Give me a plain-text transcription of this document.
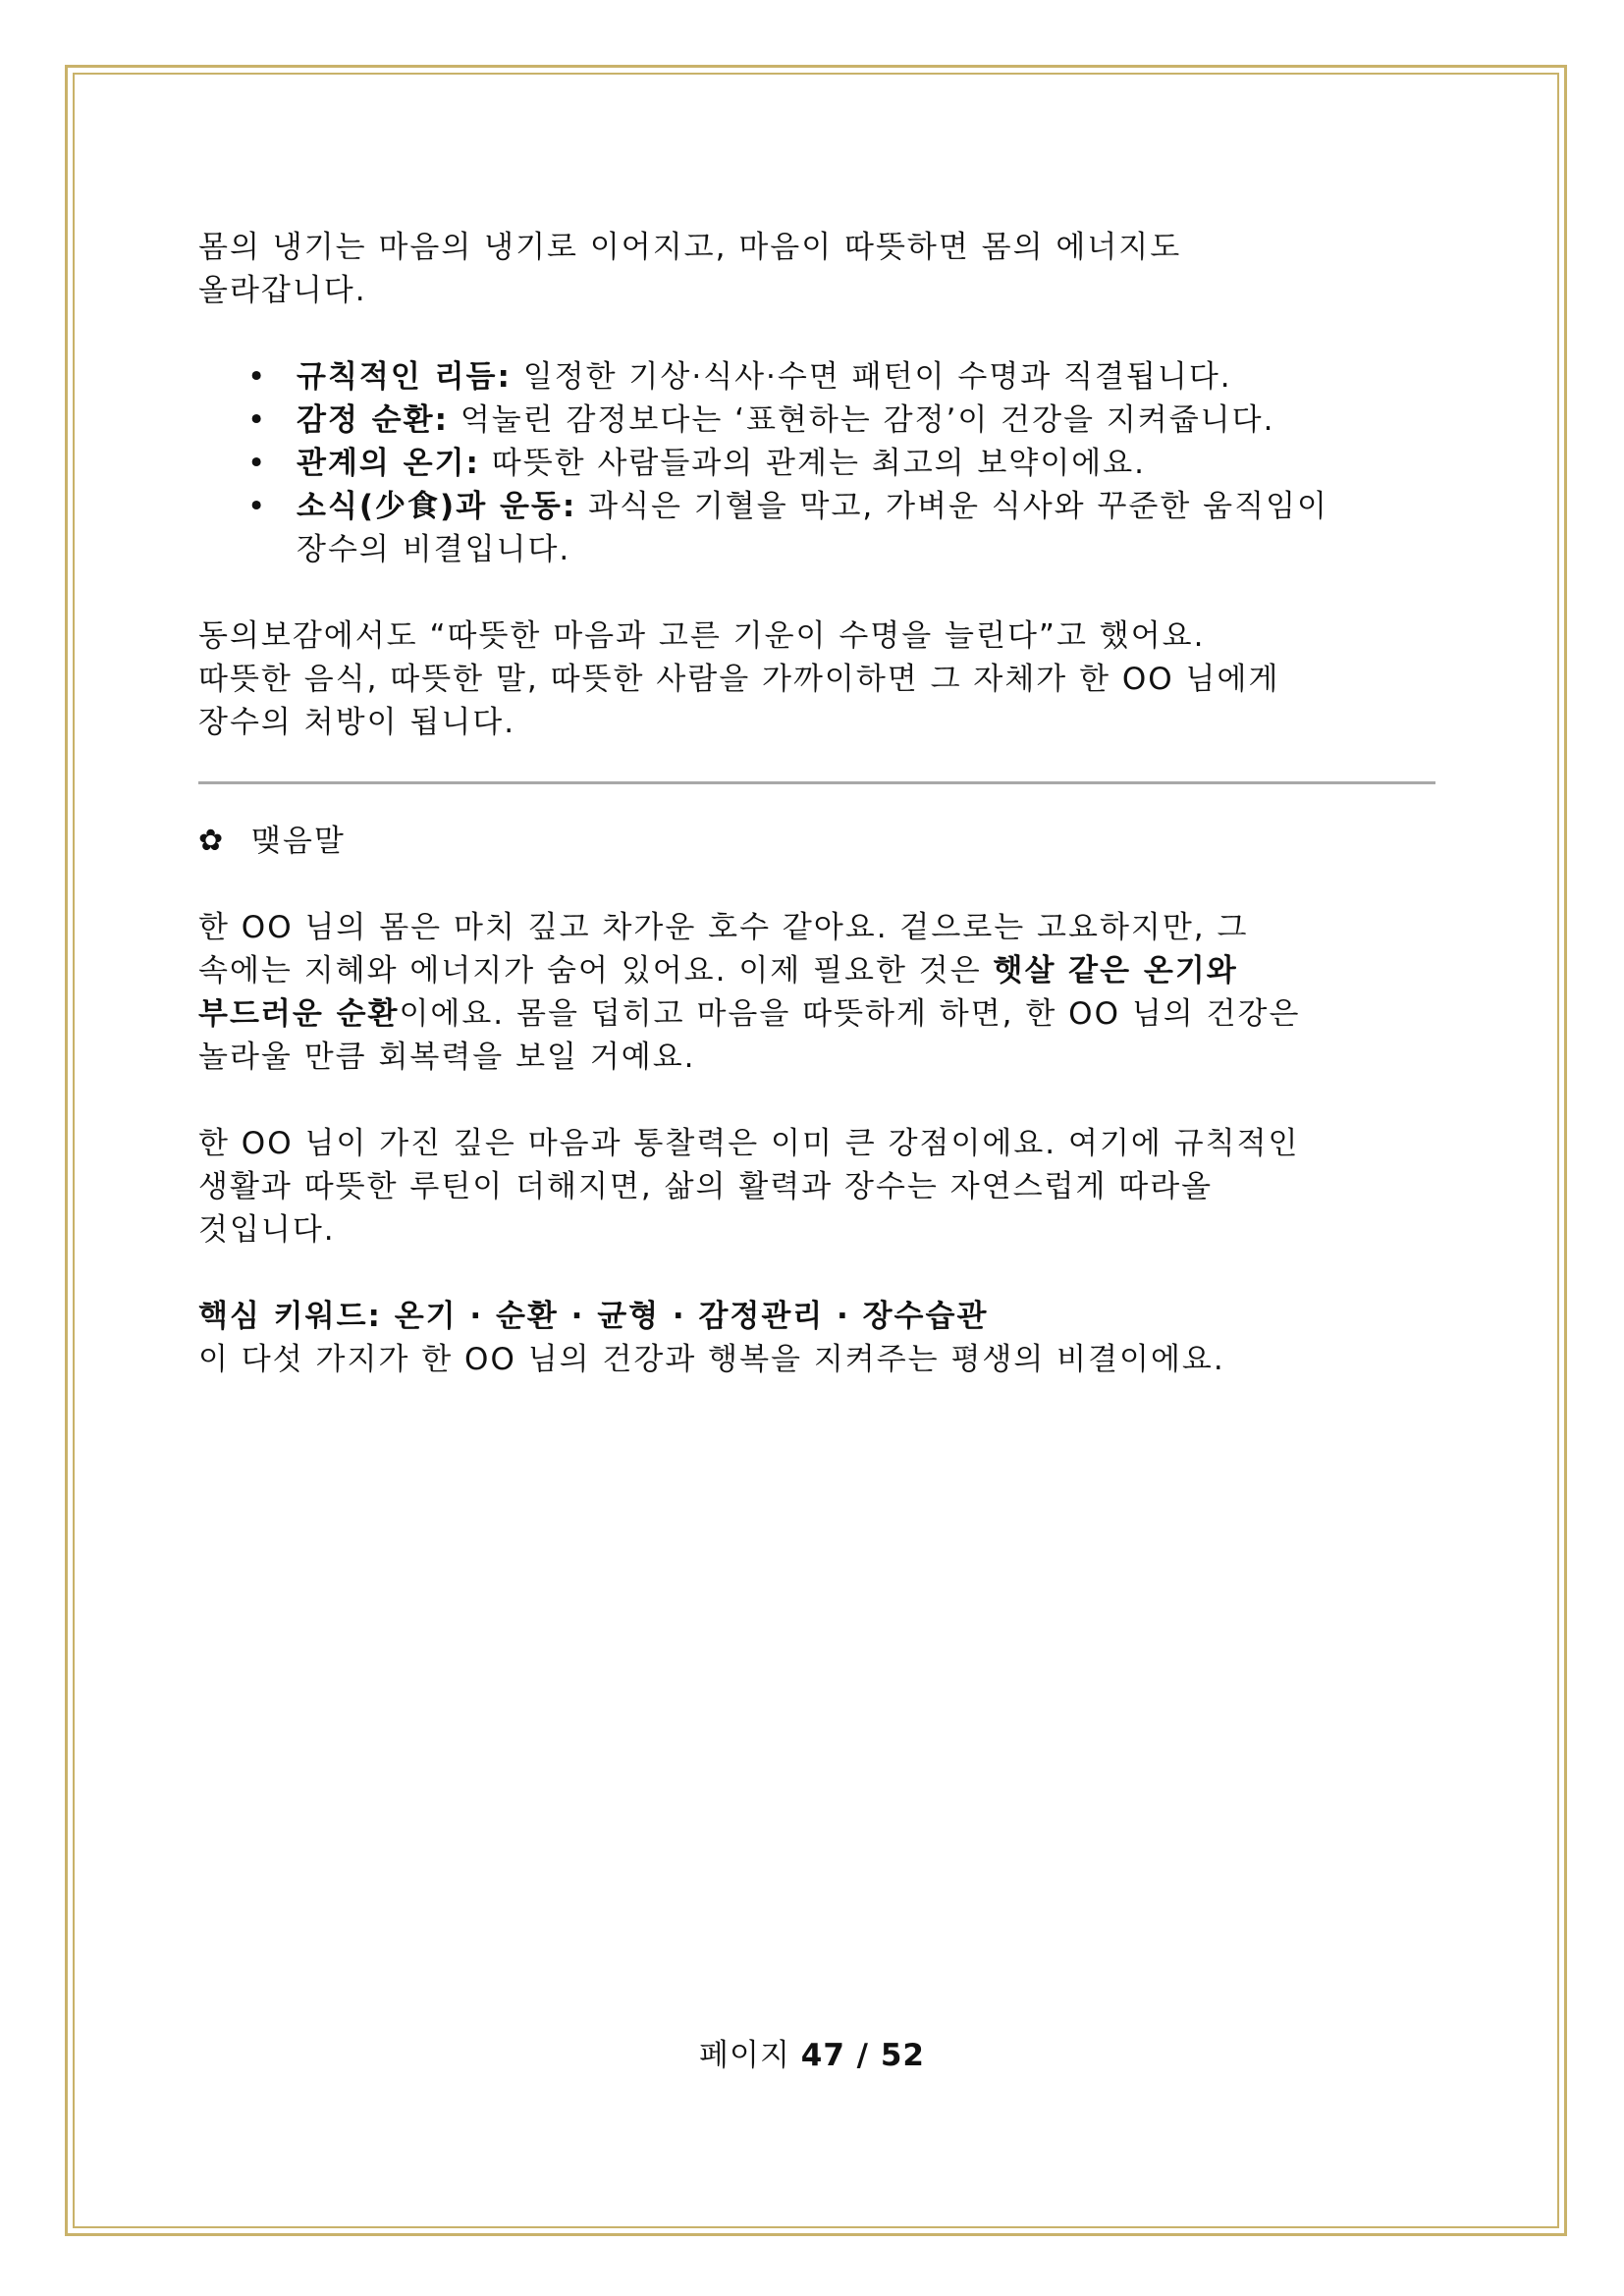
몸의 냉기는 마음의 냉기로 이어지고, 마음이 따뜻하면 몸의 에너지도

올라갑니다.

• 규칙적인 리듬: 일정한 기상·식사·수면 패턴이 수명과 직결됩니다.
• 감정 순환: 억눌린 감정보다는 ‘표현하는 감정’이 건강을 지켜줍니다.
• 관계의 온기: 따뜻한 사람들과의 관계는 최고의 보약이에요.
• 소식(少食)과 운동: 과식은 기혈을 막고, 가벼운 식사와 꾸준한 움직임이
장수의 비결입니다.

동의보감에서도 “따뜻한 마음과 고른 기운이 수명을 늘린다”고 했어요.

따뜻한 음식, 따뜻한 말, 따뜻한 사람을 가까이하면 그 자체가 한 OO 님에게

장수의 처방이 됩니다.

✿ 맺음말

한 OO 님의 몸은 마치 깊고 차가운 호수 같아요. 겉으로는 고요하지만, 그

속에는 지혜와 에너지가 숨어 있어요. 이제 필요한 것은 햇살 같은 온기와

부드러운 순환이에요. 몸을 덥히고 마음을 따뜻하게 하면, 한 OO 님의 건강은

놀라울 만큼 회복력을 보일 거예요.

한 OO 님이 가진 깊은 마음과 통찰력은 이미 큰 강점이에요. 여기에 규칙적인

생활과 따뜻한 루틴이 더해지면, 삶의 활력과 장수는 자연스럽게 따라올

것입니다.

핵심 키워드: 온기 · 순환 · 균형 · 감정관리 · 장수습관

이 다섯 가지가 한 OO 님의 건강과 행복을 지켜주는 평생의 비결이에요.

페이지 47 / 52
